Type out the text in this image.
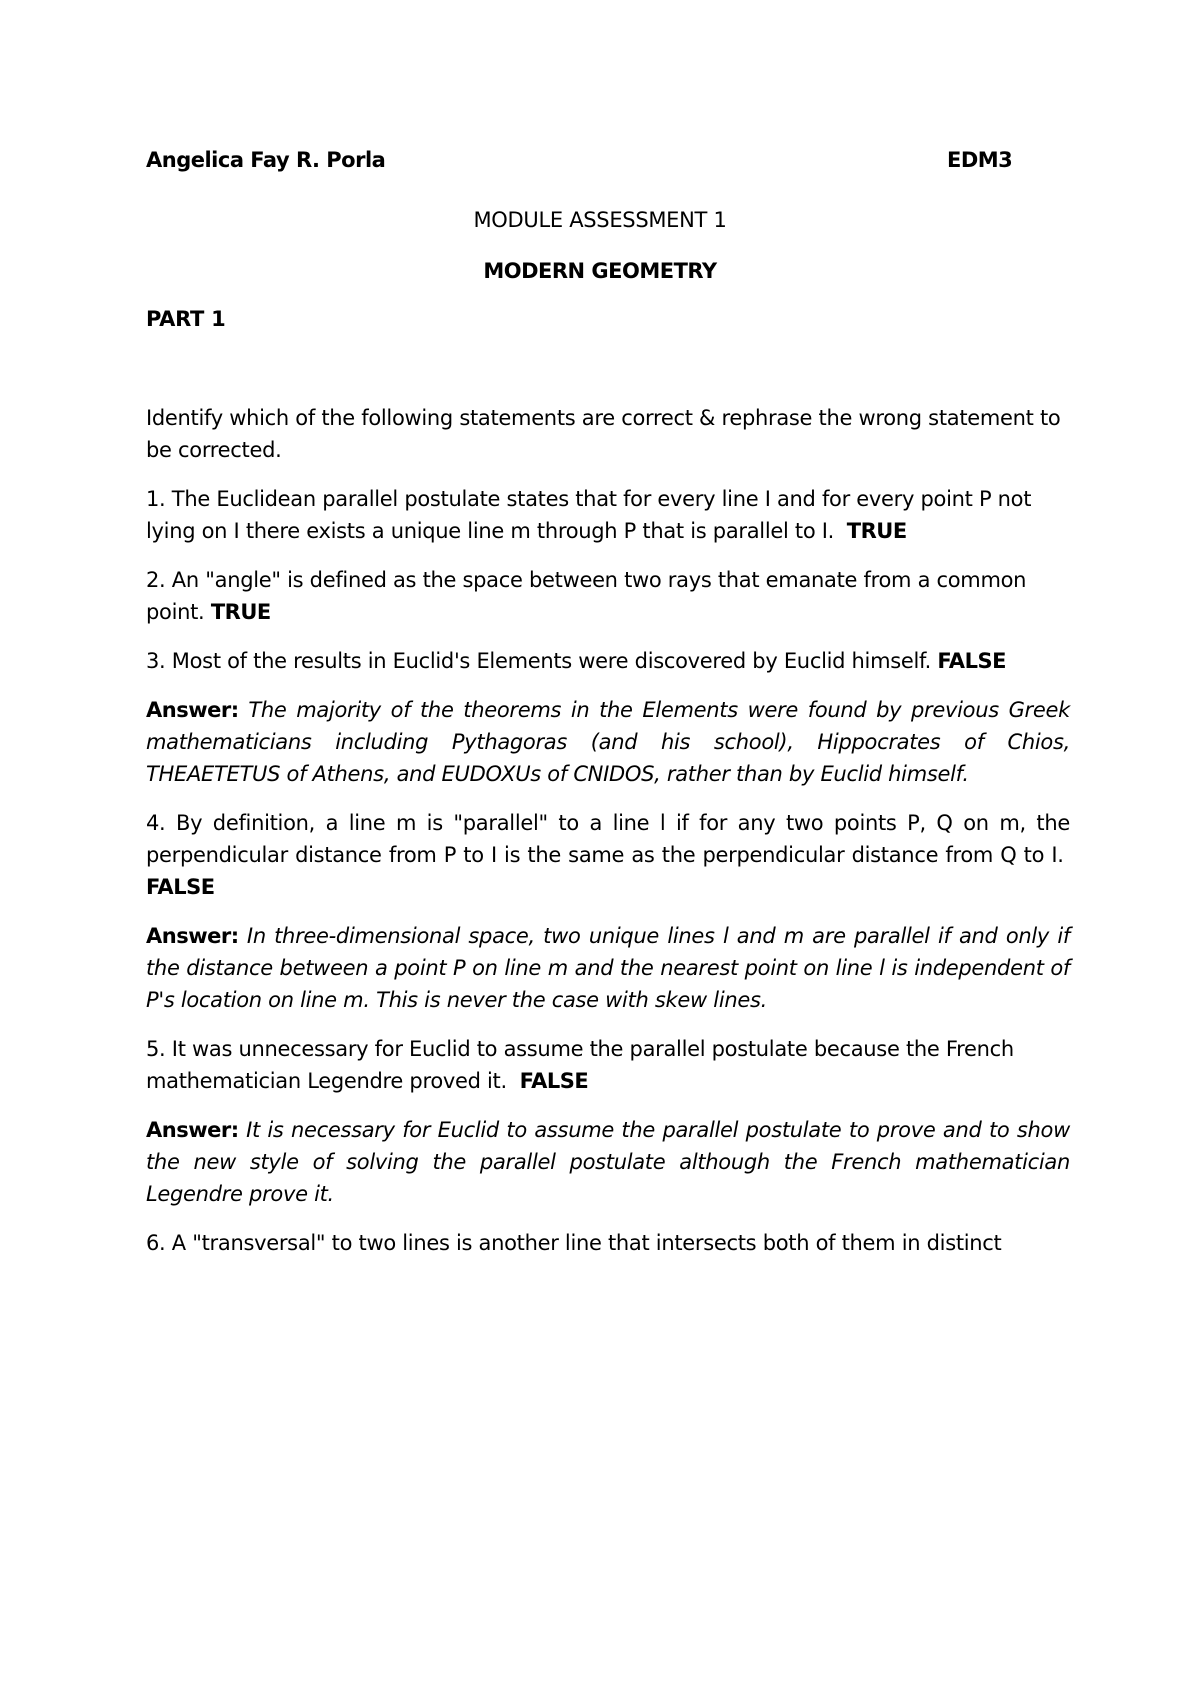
Angelica Fay R. Porla	EDM3
MODULE ASSESSMENT 1
MODERN GEOMETRY
PART 1

Identify which of the following statements are correct & rephrase the wrong statement to be corrected.

1. The Euclidean parallel postulate states that for every line I and for every point P not lying on I there exists a unique line m through P that is parallel to I. TRUE

2. An "angle" is defined as the space between two rays that emanate from a common point. TRUE

3. Most of the results in Euclid's Elements were discovered by Euclid himself. FALSE

Answer: The majority of the theorems in the Elements were found by previous Greek mathematicians including Pythagoras (and his school), Hippocrates of Chios, THEAETETUS of Athens, and EUDOXUs of CNIDOS, rather than by Euclid himself.

4. By definition, a line m is "parallel" to a line l if for any two points P, Q on m, the perpendicular distance from P to I is the same as the perpendicular distance from Q to I.  FALSE

Answer: In three-dimensional space, two unique lines l and m are parallel if and only if the distance between a point P on line m and the nearest point on line l is independent of P's location on line m. This is never the case with skew lines.

5. It was unnecessary for Euclid to assume the parallel postulate because the French mathematician Legendre proved it. FALSE

Answer: It is necessary for Euclid to assume the parallel postulate to prove and to show the new style of solving the parallel postulate although the French mathematician Legendre prove it.

6. A "transversal" to two lines is another line that intersects both of them in distinct
